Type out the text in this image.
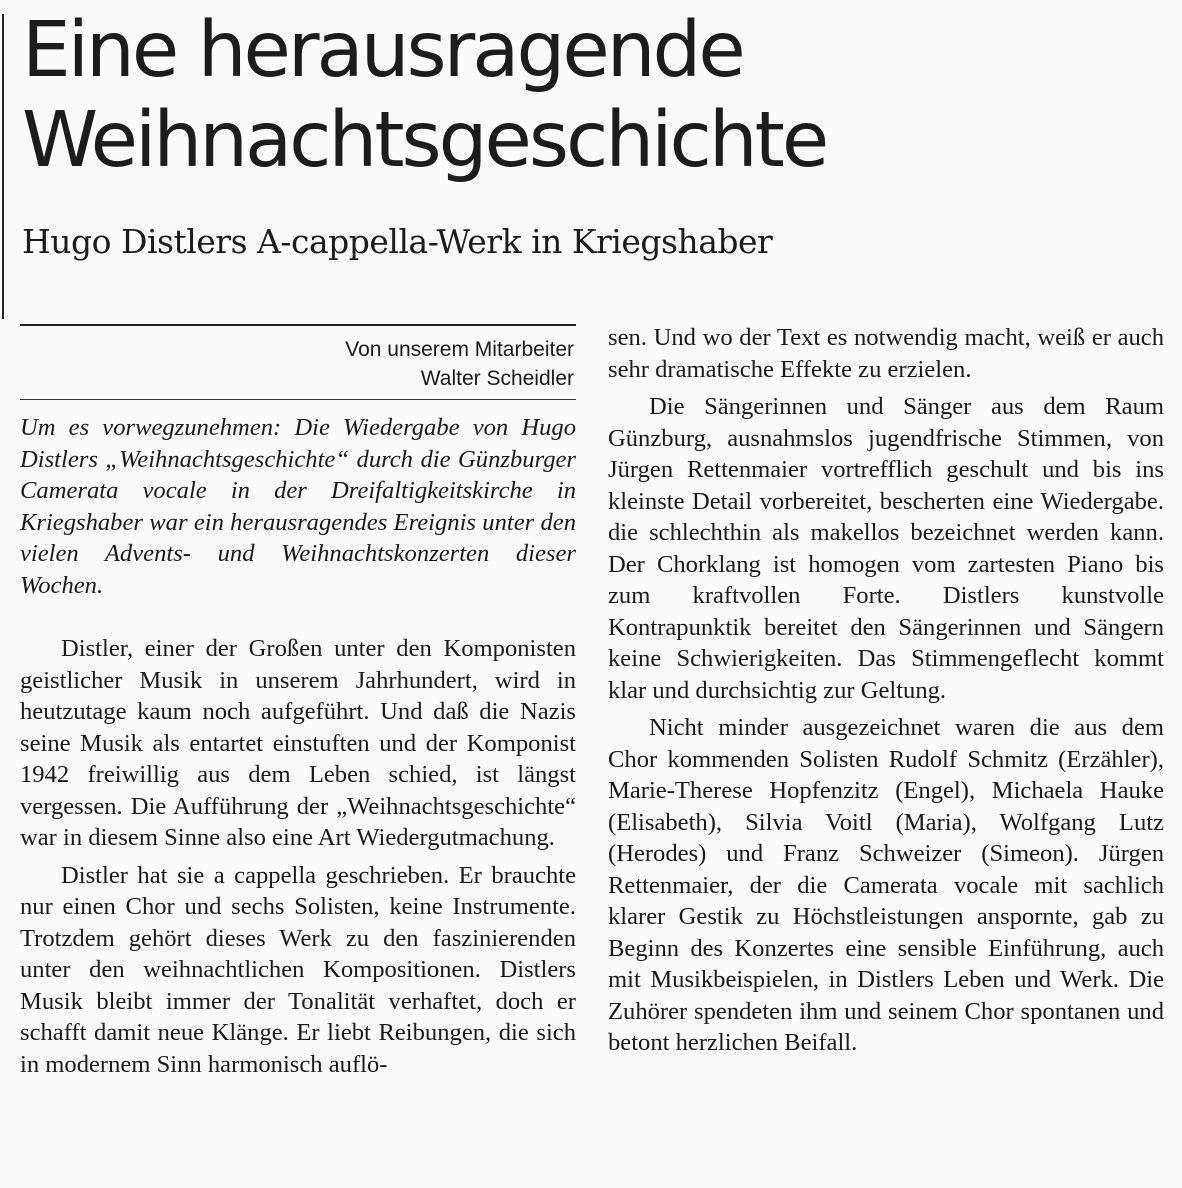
Eine herausragende
Weihnachtsgeschichte
Hugo Distlers A-cappella-Werk in Kriegshaber
Von unserem Mitarbeiter
Walter Scheidler

Um es vorwegzunehmen: Die Wiedergabe von Hugo Distlers „Weihnachtsgeschichte“ durch die Günzburger Camerata vocale in der Dreifaltigkeitskirche in Kriegshaber war ein herausragendes Ereignis unter den vielen Advents- und Weihnachtskonzerten dieser Wochen.

Distler, einer der Großen unter den Komponisten geistlicher Musik in unserem Jahrhundert, wird in heutzutage kaum noch aufgeführt. Und daß die Nazis seine Musik als entartet einstuften und der Komponist 1942 freiwillig aus dem Leben schied, ist längst vergessen. Die Aufführung der „Weihnachtsgeschichte“ war in diesem Sinne also eine Art Wiedergutmachung.

Distler hat sie a cappella geschrieben. Er brauchte nur einen Chor und sechs Solisten, keine Instrumente. Trotzdem gehört dieses Werk zu den faszinierenden unter den weihnachtlichen Kompositionen. Distlers Musik bleibt immer der Tonalität verhaftet, doch er schafft damit neue Klänge. Er liebt Reibungen, die sich in modernem Sinn harmonisch auflö-

sen. Und wo der Text es notwendig macht, weiß er auch sehr dramatische Effekte zu erzielen.

Die Sängerinnen und Sänger aus dem Raum Günzburg, ausnahmslos jugendfrische Stimmen, von Jürgen Rettenmaier vortrefflich geschult und bis ins kleinste Detail vorbereitet, bescherten eine Wiedergabe. die schlechthin als makellos bezeichnet werden kann. Der Chorklang ist homogen vom zartesten Piano bis zum kraftvollen Forte. Distlers kunstvolle Kontrapunktik bereitet den Sängerinnen und Sängern keine Schwierigkeiten. Das Stimmengeflecht kommt klar und durchsichtig zur Geltung.

Nicht minder ausgezeichnet waren die aus dem Chor kommenden Solisten Rudolf Schmitz (Erzähler), Marie-Therese Hopfenzitz (Engel), Michaela Hauke (Elisabeth), Silvia Voitl (Maria), Wolfgang Lutz (Herodes) und Franz Schweizer (Simeon). Jürgen Rettenmaier, der die Camerata vocale mit sachlich klarer Gestik zu Höchstleistungen anspornte, gab zu Beginn des Konzertes eine sensible Einführung, auch mit Musikbeispielen, in Distlers Leben und Werk. Die Zuhörer spendeten ihm und seinem Chor spontanen und betont herzlichen Beifall.
